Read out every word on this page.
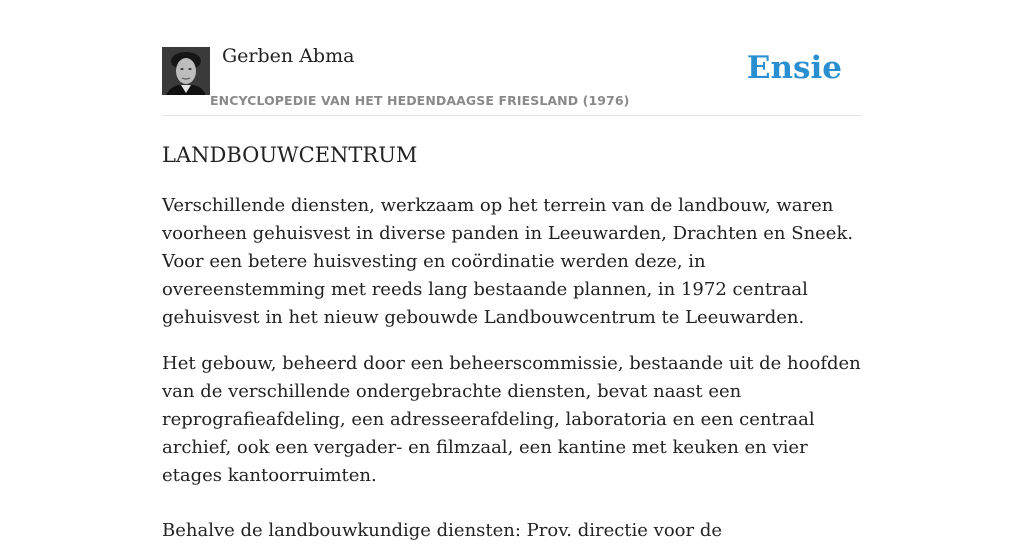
Gerben Abma
ENCYCLOPEDIE VAN HET HEDENDAAGSE FRIESLAND (1976)
Ensie
LANDBOUWCENTRUM

Verschillende diensten, werkzaam op het terrein van de landbouw, waren voorheen gehuisvest in diverse panden in Leeuwarden, Drachten en Sneek. Voor een betere huisvesting en coördinatie werden deze, in overeenstemming met reeds lang bestaande plannen, in 1972 centraal gehuisvest in het nieuw gebouwde Landbouwcentrum te Leeuwarden.

Het gebouw, beheerd door een beheerscommissie, bestaande uit de hoofden van de verschillende ondergebrachte diensten, bevat naast een reprografieafdeling, een adresseerafdeling, laboratoria en een centraal archief, ook een vergader- en filmzaal, een kantine met keuken en vier etages kantoorruimten.

Behalve de landbouwkundige diensten: Prov. directie voor de
